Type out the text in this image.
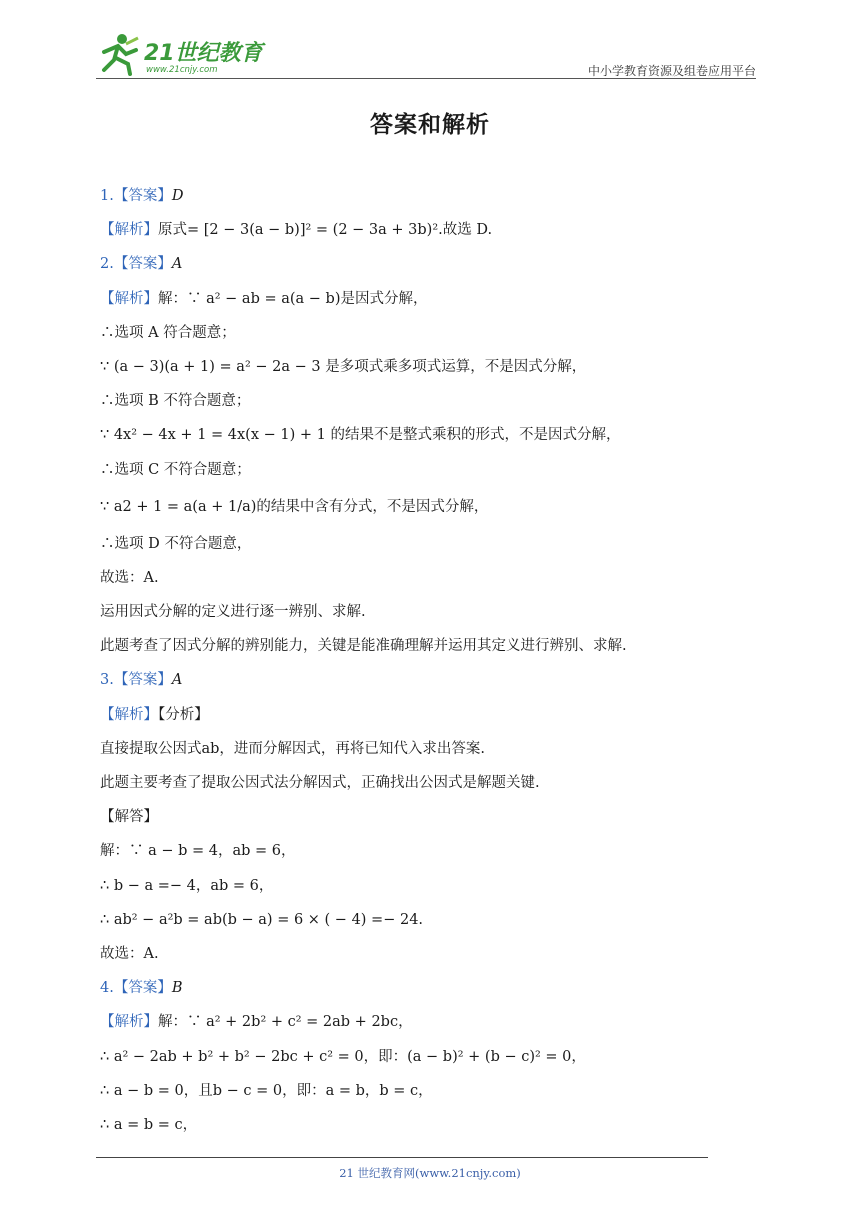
21世纪教育
www.21cnjy.com	中小学教育资源及组卷应用平台
答案和解析
1.【答案】D
【解析】原式= [2 − 3(a − b)]² = (2 − 3a + 3b)².故选 D.
2.【答案】A
【解析】解：∵ a² − ab = a(a − b)是因式分解，
∴选项 A 符合题意；
∵ (a − 3)(a + 1) = a² − 2a − 3 是多项式乘多项式运算，不是因式分解，
∴选项 B 不符合题意；
∵ 4x² − 4x + 1 = 4x(x − 1) + 1 的结果不是整式乘积的形式，不是因式分解，
∴选项 C 不符合题意；
∵ a2 + 1 = a(a + 1/a)的结果中含有分式，不是因式分解，
∴选项 D 不符合题意，
故选：A.
运用因式分解的定义进行逐一辨别、求解.
此题考查了因式分解的辨别能力，关键是能准确理解并运用其定义进行辨别、求解.
3.【答案】A
【解析】【分析】
直接提取公因式ab，进而分解因式，再将已知代入求出答案.
此题主要考查了提取公因式法分解因式，正确找出公因式是解题关键.
【解答】
解：∵ a − b = 4，ab = 6，
∴ b − a =− 4，ab = 6，
∴ ab² − a²b = ab(b − a) = 6 × ( − 4) =− 24.
故选：A.
4.【答案】B
【解析】解：∵ a² + 2b² + c² = 2ab + 2bc，
∴ a² − 2ab + b² + b² − 2bc + c² = 0，即：(a − b)² + (b − c)² = 0，
∴ a − b = 0，且b − c = 0，即：a = b，b = c，
∴ a = b = c，
21 世纪教育网(www.21cnjy.com)
